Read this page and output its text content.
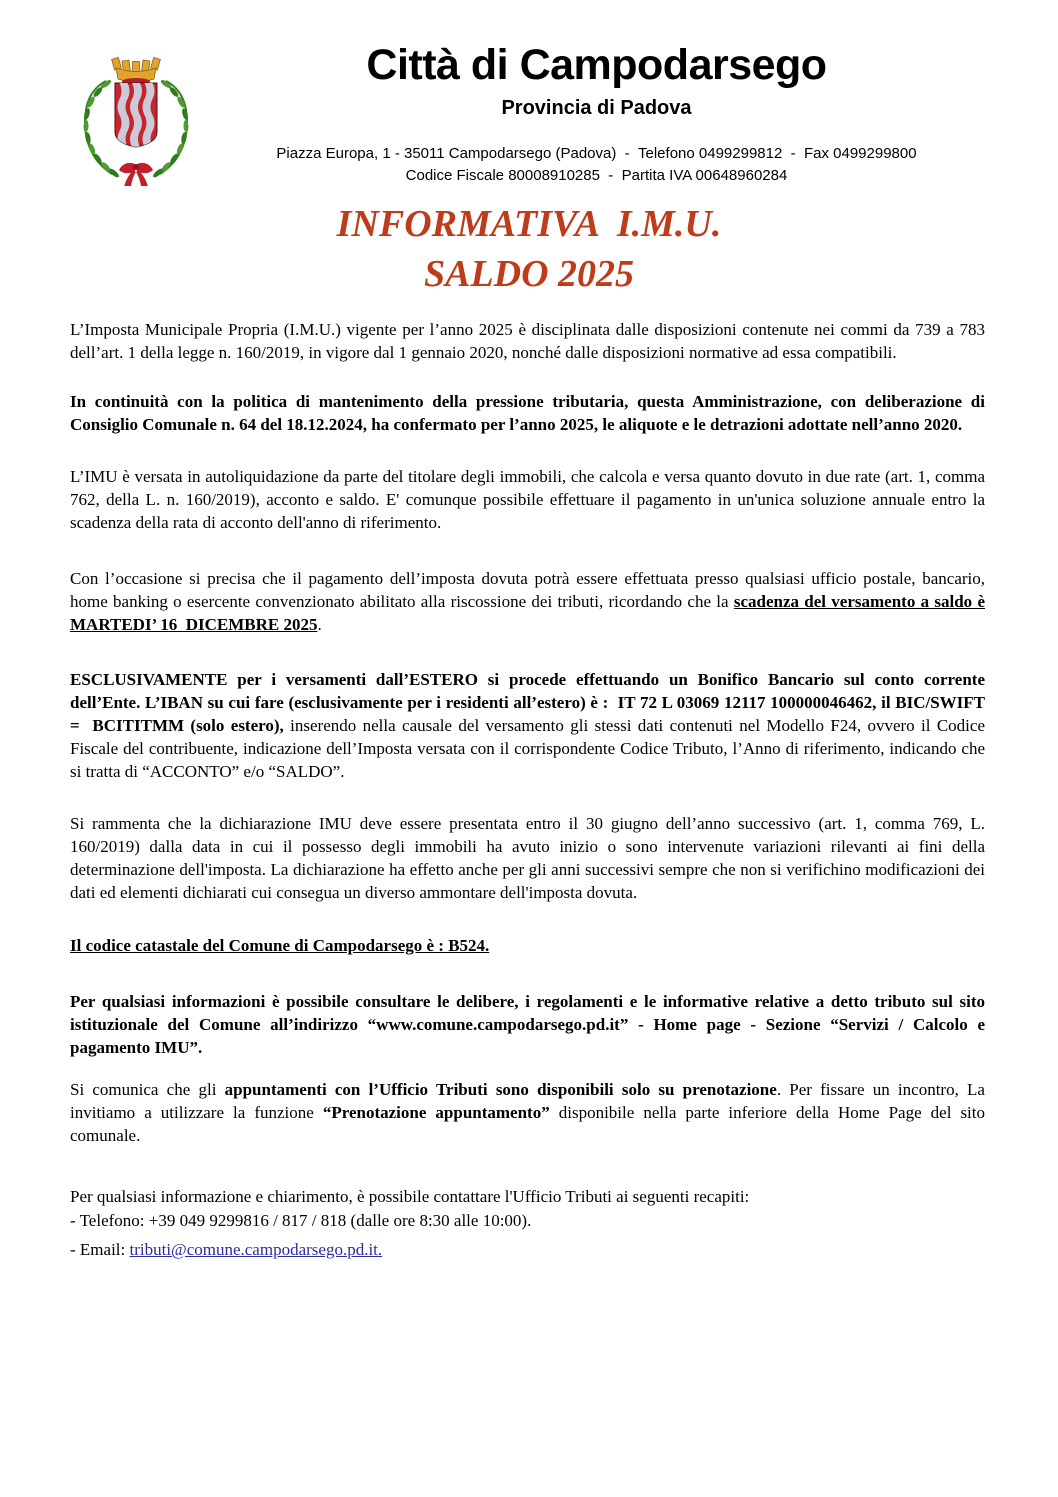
Città di Campodarsego
Provincia di Padova
Piazza Europa, 1 - 35011 Campodarsego (Padova)  -  Telefono 0499299812  -  Fax 0499299800
Codice Fiscale 80008910285  -  Partita IVA 00648960284
INFORMATIVA  I.M.U.
SALDO 2025

L’Imposta Municipale Propria (I.M.U.) vigente per l’anno 2025 è disciplinata dalle disposizioni contenute nei commi da 739 a 783 dell’art. 1 della legge n. 160/2019, in vigore dal 1 gennaio 2020, nonché dalle disposizioni normative ad essa compatibili.

In continuità con la politica di mantenimento della pressione tributaria, questa Amministrazione, con deliberazione di Consiglio Comunale n. 64 del 18.12.2024, ha confermato per l’anno 2025, le aliquote e le detrazioni adottate nell’anno 2020.

L’IMU è versata in autoliquidazione da parte del titolare degli immobili, che calcola e versa quanto dovuto in due rate (art. 1, comma 762, della L. n. 160/2019), acconto e saldo. E' comunque possibile effettuare il pagamento in un'unica soluzione annuale entro la scadenza della rata di acconto dell'anno di riferimento.

Con l’occasione si precisa che il pagamento dell’imposta dovuta potrà essere effettuata presso qualsiasi ufficio postale, bancario, home banking o esercente convenzionato abilitato alla riscossione dei tributi, ricordando che la scadenza del versamento a saldo è MARTEDI’ 16  DICEMBRE 2025.

ESCLUSIVAMENTE per i versamenti dall’ESTERO si procede effettuando un Bonifico Bancario sul conto corrente dell’Ente. L’IBAN su cui fare (esclusivamente per i residenti all’estero) è :  IT 72 L 03069 12117 100000046462, il BIC/SWIFT =  BCITITMM (solo estero), inserendo nella causale del versamento gli stessi dati contenuti nel Modello F24, ovvero il Codice Fiscale del contribuente, indicazione dell’Imposta versata con il corrispondente Codice Tributo, l’Anno di riferimento, indicando che si tratta di “ACCONTO” e/o “SALDO”.

Si rammenta che la dichiarazione IMU deve essere presentata entro il 30 giugno dell’anno successivo (art. 1, comma 769, L. 160/2019) dalla data in cui il possesso degli immobili ha avuto inizio o sono intervenute variazioni rilevanti ai fini della determinazione dell'imposta. La dichiarazione ha effetto anche per gli anni successivi sempre che non si verifichino modificazioni dei dati ed elementi dichiarati cui consegua un diverso ammontare dell'imposta dovuta.

Il codice catastale del Comune di Campodarsego è : B524.

Per qualsiasi informazioni è possibile consultare le delibere, i regolamenti e le informative relative a detto tributo sul sito istituzionale del Comune all’indirizzo “www.comune.campodarsego.pd.it” - Home page - Sezione “Servizi / Calcolo e pagamento IMU”.

Si comunica che gli appuntamenti con l’Ufficio Tributi sono disponibili solo su prenotazione. Per fissare un incontro, La invitiamo a utilizzare la funzione “Prenotazione appuntamento” disponibile nella parte inferiore della Home Page del sito comunale.

Per qualsiasi informazione e chiarimento, è possibile contattare l'Ufficio Tributi ai seguenti recapiti:

- Telefono: +39 049 9299816 / 817 / 818 (dalle ore 8:30 alle 10:00).

- Email: tributi@comune.campodarsego.pd.it.
